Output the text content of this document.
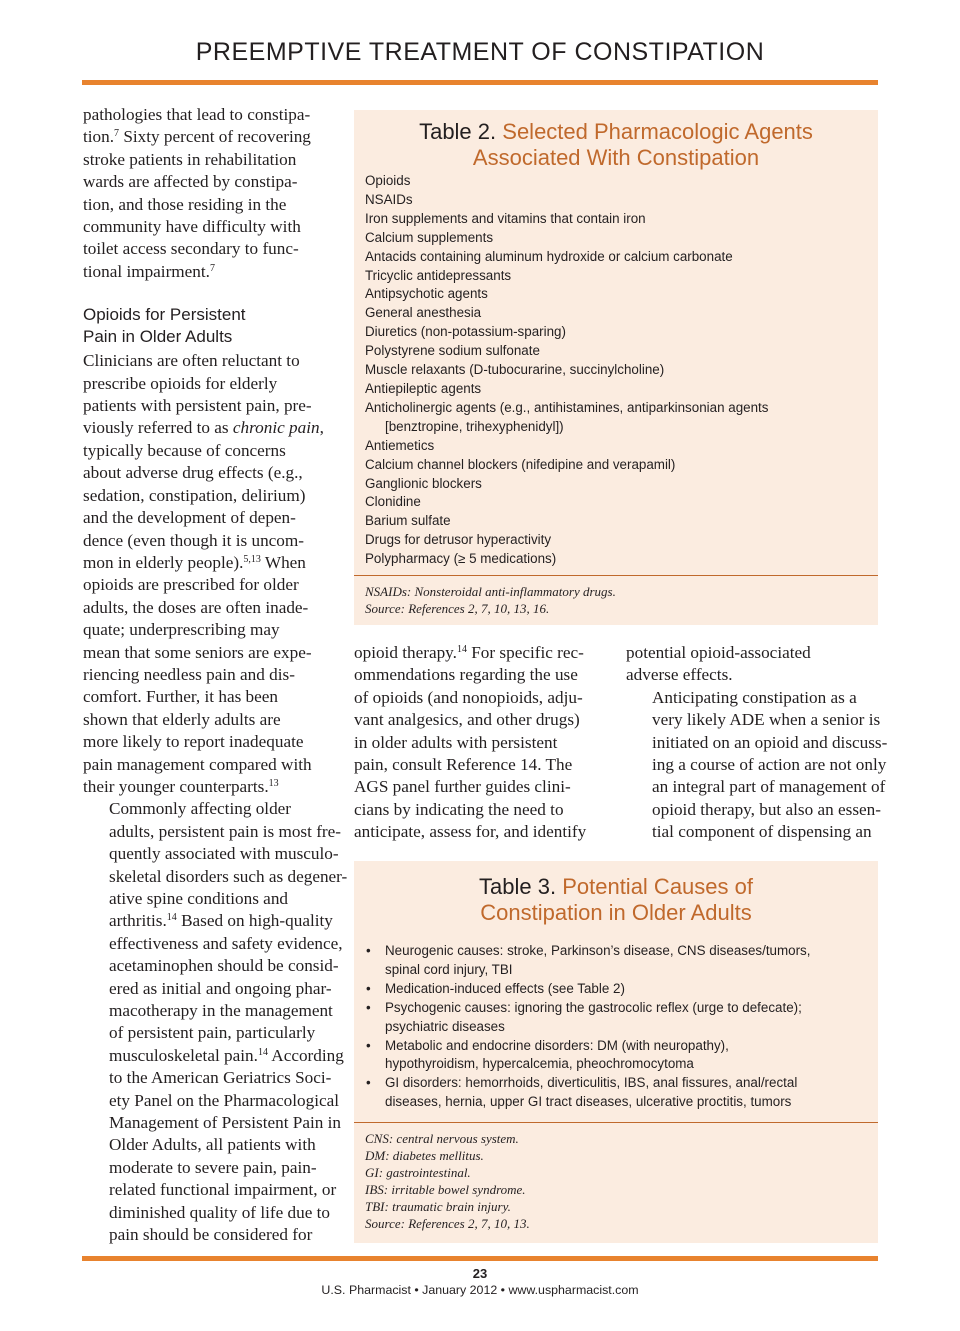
PREEMPTIVE TREATMENT OF CONSTIPATION

pathologies that lead to constipa-
tion.$^7$ Sixty percent of recovering
stroke patients in rehabilitation
wards are affected by constipa-
tion, and those residing in the
community have difficulty with
toilet access secondary to func-
tional impairment.$^7$

Opioids for Persistent
Pain in Older Adults

Clinicians are often reluctant to
prescribe opioids for elderly
patients with persistent pain, pre-
viously referred to as chronic pain,
typically because of concerns
about adverse drug effects (e.g.,
sedation, constipation, delirium)
and the development of depen-
dence (even though it is uncom-
mon in elderly people).$^{5,13}$ When
opioids are prescribed for older
adults, the doses are often inade-
quate; underprescribing may
mean that some seniors are expe-
riencing needless pain and dis-
comfort. Further, it has been
shown that elderly adults are
more likely to report inadequate
pain management compared with
their younger counterparts.$^{13}$

Commonly affecting older
adults, persistent pain is most fre-
quently associated with musculo-
skeletal disorders such as degener-
ative spine conditions and
arthritis.$^{14}$ Based on high-quality
effectiveness and safety evidence,
acetaminophen should be consid-
ered as initial and ongoing phar-
macotherapy in the management
of persistent pain, particularly
musculoskeletal pain.$^{14}$ According
to the American Geriatrics Soci-
ety Panel on the Pharmacological
Management of Persistent Pain in
Older Adults, all patients with
moderate to severe pain, pain-
related functional impairment, or
diminished quality of life due to
pain should be considered for

Table 2. Selected Pharmacologic Agents
Associated With Constipation
Opioids
NSAIDs
Iron supplements and vitamins that contain iron
Calcium supplements
Antacids containing aluminum hydroxide or calcium carbonate
Tricyclic antidepressants
Antipsychotic agents
General anesthesia
Diuretics (non-potassium-sparing)
Polystyrene sodium sulfonate
Muscle relaxants (D-tubocurarine, succinylcholine)
Antiepileptic agents
Anticholinergic agents (e.g., antihistamines, antiparkinsonian agents
[benztropine, trihexyphenidyl])
Antiemetics
Calcium channel blockers (nifedipine and verapamil)
Ganglionic blockers
Clonidine
Barium sulfate
Drugs for detrusor hyperactivity
Polypharmacy (≥ 5 medications)
NSAIDs: Nonsteroidal anti-inflammatory drugs.
Source: References 2, 7, 10, 13, 16.

opioid therapy.$^{14}$ For specific rec-
ommendations regarding the use
of opioids (and nonopioids, adju-
vant analgesics, and other drugs)
in older adults with persistent
pain, consult Reference 14. The
AGS panel further guides clini-
cians by indicating the need to
anticipate, assess for, and identify

potential opioid-associated
adverse effects.

Anticipating constipation as a
very likely ADE when a senior is
initiated on an opioid and discuss-
ing a course of action are not only
an integral part of management of
opioid therapy, but also an essen-
tial component of dispensing an

Table 3. Potential Causes of
Constipation in Older Adults
• Neurogenic causes: stroke, Parkinson’s disease, CNS diseases/tumors,
spinal cord injury, TBI
• Medication-induced effects (see Table 2)
• Psychogenic causes: ignoring the gastrocolic reflex (urge to defecate);
psychiatric diseases
• Metabolic and endocrine disorders: DM (with neuropathy),
hypothyroidism, hypercalcemia, pheochromocytoma
• GI disorders: hemorrhoids, diverticulitis, IBS, anal fissures, anal/rectal
diseases, hernia, upper GI tract diseases, ulcerative proctitis, tumors
CNS: central nervous system.
DM: diabetes mellitus.
GI: gastrointestinal.
IBS: irritable bowel syndrome.
TBI: traumatic brain injury.
Source: References 2, 7, 10, 13.
23
U.S. Pharmacist • January 2012 • www.uspharmacist.com
